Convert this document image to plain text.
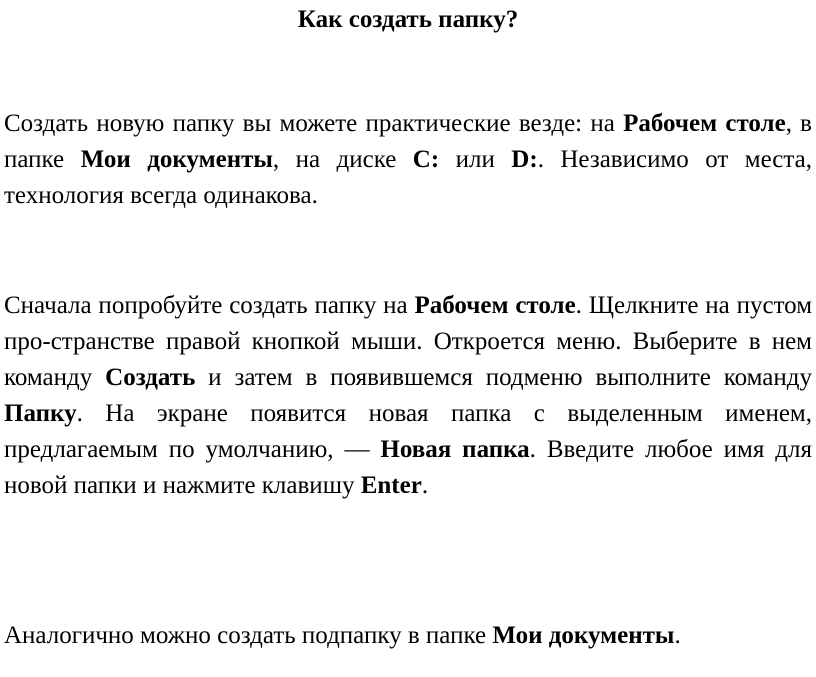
Как создать папку?

Создать новую папку вы можете практические везде: на Рабочем столе, в папке Мои документы, на диске C: или D:. Независимо от места, технология всегда одинакова.

Сначала попробуйте создать папку на Рабочем столе. Щелкните на пустом про-странстве правой кнопкой мыши. Откроется меню. Выберите в нем команду Создать и затем в появившемся подменю выполните команду Папку. На экране появится новая папка с выделенным именем, предлагаемым по умолчанию, — Новая папка. Введите любое имя для новой папки и нажмите клавишу Enter.

Аналогично можно создать подпапку в папке Мои документы.
